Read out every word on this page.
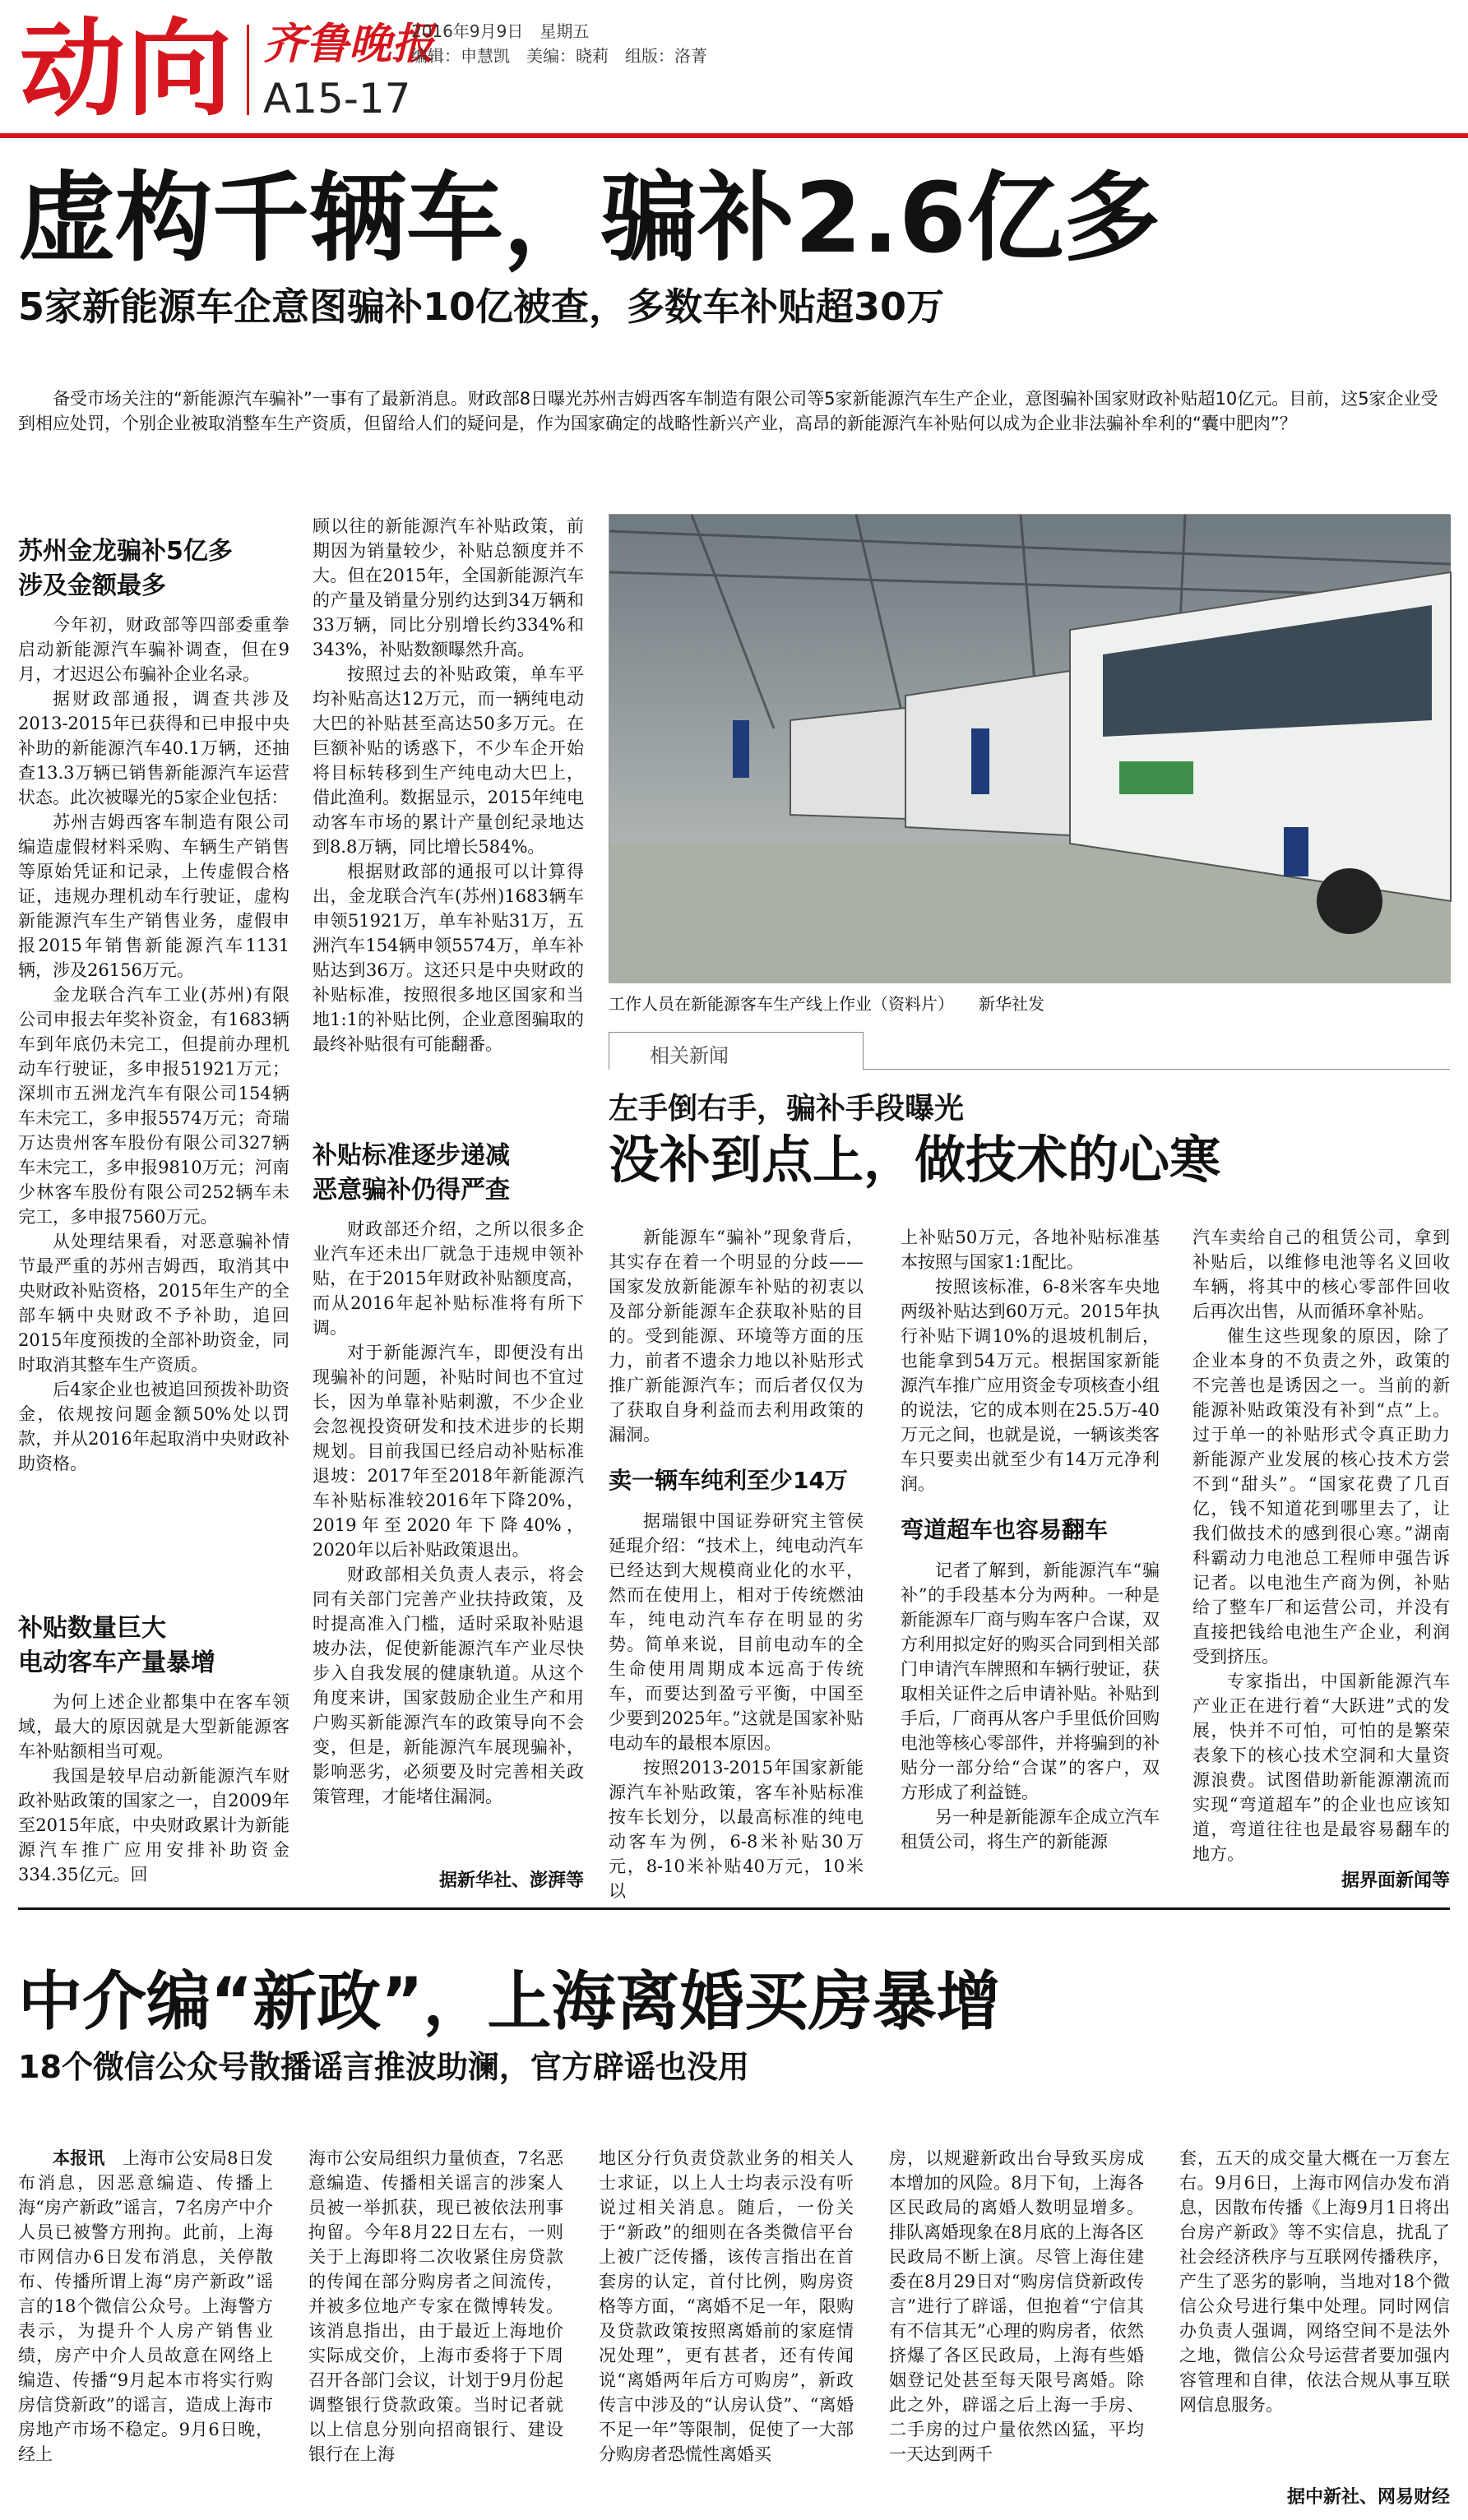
动向 齐鲁晚报
2016年9月9日　星期五
编辑：申慧凯　美编：晓莉　组版：洛菁
A15-17
虚构千辆车，骗补2.6亿多
5家新能源车企意图骗补10亿被查，多数车补贴超30万
备受市场关注的“新能源汽车骗补”一事有了最新消息。财政部8日曝光苏州吉姆西客车制造有限公司等5家新能源汽车生产企业，意图骗补国家财政补贴超10亿元。目前，这5家企业受到相应处罚，个别企业被取消整车生产资质，但留给人们的疑问是，作为国家确定的战略性新兴产业，高昂的新能源汽车补贴何以成为企业非法骗补牟利的“囊中肥肉”？
苏州金龙骗补5亿多
涉及金额最多

今年初，财政部等四部委重拳启动新能源汽车骗补调查，但在9月，才迟迟公布骗补企业名录。

据财政部通报，调查共涉及2013-2015年已获得和已申报中央补助的新能源汽车40.1万辆，还抽查13.3万辆已销售新能源汽车运营状态。此次被曝光的5家企业包括：

苏州吉姆西客车制造有限公司编造虚假材料采购、车辆生产销售等原始凭证和记录，上传虚假合格证，违规办理机动车行驶证，虚构新能源汽车生产销售业务，虚假申报2015年销售新能源汽车1131辆，涉及26156万元。

金龙联合汽车工业(苏州)有限公司申报去年奖补资金，有1683辆车到年底仍未完工，但提前办理机动车行驶证，多申报51921万元；深圳市五洲龙汽车有限公司154辆车未完工，多申报5574万元；奇瑞万达贵州客车股份有限公司327辆车未完工，多申报9810万元；河南少林客车股份有限公司252辆车未完工，多申报7560万元。

从处理结果看，对恶意骗补情节最严重的苏州吉姆西，取消其中央财政补贴资格，2015年生产的全部车辆中央财政不予补助，追回2015年度预拨的全部补助资金，同时取消其整车生产资质。

后4家企业也被追回预拨补助资金，依规按问题金额50%处以罚款，并从2016年起取消中央财政补助资格。

补贴数量巨大
电动客车产量暴增

为何上述企业都集中在客车领域，最大的原因就是大型新能源客车补贴额相当可观。

我国是较早启动新能源汽车财政补贴政策的国家之一，自2009年至2015年底，中央财政累计为新能源汽车推广应用安排补助资金334.35亿元。回

顾以往的新能源汽车补贴政策，前期因为销量较少，补贴总额度并不大。但在2015年，全国新能源汽车的产量及销量分别约达到34万辆和33万辆，同比分别增长约334%和343%，补贴数额曝然升高。

按照过去的补贴政策，单车平均补贴高达12万元，而一辆纯电动大巴的补贴甚至高达50多万元。在巨额补贴的诱惑下，不少车企开始将目标转移到生产纯电动大巴上，借此渔利。数据显示，2015年纯电动客车市场的累计产量创纪录地达到8.8万辆，同比增长584%。

根据财政部的通报可以计算得出，金龙联合汽车(苏州)1683辆车申领51921万，单车补贴31万，五洲汽车154辆申领5574万，单车补贴达到36万。这还只是中央财政的补贴标准，按照很多地区国家和当地1:1的补贴比例，企业意图骗取的最终补贴很有可能翻番。

补贴标准逐步递减
恶意骗补仍得严查

财政部还介绍，之所以很多企业汽车还未出厂就急于违规申领补贴，在于2015年财政补贴额度高，而从2016年起补贴标准将有所下调。

对于新能源汽车，即便没有出现骗补的问题，补贴时间也不宜过长，因为单靠补贴刺激，不少企业会忽视投资研发和技术进步的长期规划。目前我国已经启动补贴标准退坡：2017年至2018年新能源汽车补贴标准较2016年下降20%，2019年至2020年下降40%，2020年以后补贴政策退出。

财政部相关负责人表示，将会同有关部门完善产业扶持政策，及时提高准入门槛，适时采取补贴退坡办法，促使新能源汽车产业尽快步入自我发展的健康轨道。从这个角度来讲，国家鼓励企业生产和用户购买新能源汽车的政策导向不会变，但是，新能源汽车展现骗补，影响恶劣，必须要及时完善相关政策管理，才能堵住漏洞。

据新华社、澎湃等
工作人员在新能源客车生产线上作业（资料片）　　新华社发
相关新闻
左手倒右手，骗补手段曝光
没补到点上，做技术的心寒

新能源车“骗补”现象背后，其实存在着一个明显的分歧——国家发放新能源车补贴的初衷以及部分新能源车企获取补贴的目的。受到能源、环境等方面的压力，前者不遗余力地以补贴形式推广新能源汽车；而后者仅仅为了获取自身利益而去利用政策的漏洞。

卖一辆车纯利至少14万

据瑞银中国证券研究主管侯延琨介绍：“技术上，纯电动汽车已经达到大规模商业化的水平，然而在使用上，相对于传统燃油车，纯电动汽车存在明显的劣势。简单来说，目前电动车的全生命使用周期成本远高于传统车，而要达到盈亏平衡，中国至少要到2025年。”这就是国家补贴电动车的最根本原因。

按照2013-2015年国家新能源汽车补贴政策，客车补贴标准按车长划分，以最高标准的纯电动客车为例，6-8米补贴30万元，8-10米补贴40万元，10米以

上补贴50万元，各地补贴标准基本按照与国家1:1配比。

按照该标准，6-8米客车央地两级补贴达到60万元。2015年执行补贴下调10%的退坡机制后，也能拿到54万元。根据国家新能源汽车推广应用资金专项核查小组的说法，它的成本则在25.5万-40万元之间，也就是说，一辆该类客车只要卖出就至少有14万元净利润。

弯道超车也容易翻车

记者了解到，新能源汽车“骗补”的手段基本分为两种。一种是新能源车厂商与购车客户合谋，双方利用拟定好的购买合同到相关部门申请汽车牌照和车辆行驶证，获取相关证件之后申请补贴。补贴到手后，厂商再从客户手里低价回购电池等核心零部件，并将骗到的补贴分一部分给“合谋”的客户，双方形成了利益链。

另一种是新能源车企成立汽车租赁公司，将生产的新能源

汽车卖给自己的租赁公司，拿到补贴后，以维修电池等名义回收车辆，将其中的核心零部件回收后再次出售，从而循环拿补贴。

催生这些现象的原因，除了企业本身的不负责之外，政策的不完善也是诱因之一。当前的新能源补贴政策没有补到“点”上。过于单一的补贴形式令真正助力新能源产业发展的核心技术方尝不到“甜头”。“国家花费了几百亿，钱不知道花到哪里去了，让我们做技术的感到很心寒。”湖南科霸动力电池总工程师申强告诉记者。以电池生产商为例，补贴给了整车厂和运营公司，并没有直接把钱给电池生产企业，利润受到挤压。

专家指出，中国新能源汽车产业正在进行着“大跃进”式的发展，快并不可怕，可怕的是繁荣表象下的核心技术空洞和大量资源浪费。试图借助新能源潮流而实现“弯道超车”的企业也应该知道，弯道往往也是最容易翻车的地方。

据界面新闻等
中介编“新政”，上海离婚买房暴增
18个微信公众号散播谣言推波助澜，官方辟谣也没用

本报讯　 上海市公安局8日发布消息，因恶意编造、传播上海“房产新政”谣言，7名房产中介人员已被警方刑拘。此前，上海市网信办6日发布消息，关停散布、传播所谓上海“房产新政”谣言的18个微信公众号。上海警方表示，为提升个人房产销售业绩，房产中介人员故意在网络上编造、传播“9月起本市将实行购房信贷新政”的谣言，造成上海市房地产市场不稳定。9月6日晚，经上

海市公安局组织力量侦查，7名恶意编造、传播相关谣言的涉案人员被一举抓获，现已被依法刑事拘留。今年8月22日左右，一则关于上海即将二次收紧住房贷款的传闻在部分购房者之间流传，并被多位地产专家在微博转发。该消息指出，由于最近上海地价实际成交价，上海市委将于下周召开各部门会议，计划于9月份起调整银行贷款政策。当时记者就以上信息分别向招商银行、建设银行在上海

地区分行负责贷款业务的相关人士求证，以上人士均表示没有听说过相关消息。随后，一份关于“新政”的细则在各类微信平台上被广泛传播，该传言指出在首套房的认定，首付比例，购房资格等方面，“离婚不足一年，限购及贷款政策按照离婚前的家庭情况处理”，更有甚者，还有传闻说“离婚两年后方可购房”，新政传言中涉及的“认房认贷”、“离婚不足一年”等限制，促使了一大部分购房者恐慌性离婚买

房，以规避新政出台导致买房成本增加的风险。8月下旬，上海各区民政局的离婚人数明显增多。排队离婚现象在8月底的上海各区民政局不断上演。尽管上海住建委在8月29日对“购房信贷新政传言”进行了辟谣，但抱着“宁信其有不信其无”心理的购房者，依然挤爆了各区民政局，上海有些婚姻登记处甚至每天限号离婚。除此之外，辟谣之后上海一手房、二手房的过户量依然凶猛，平均一天达到两千

套，五天的成交量大概在一万套左右。9月6日，上海市网信办发布消息，因散布传播《上海9月1日将出台房产新政》等不实信息，扰乱了社会经济秩序与互联网传播秩序，产生了恶劣的影响，当地对18个微信公众号进行集中处理。同时网信办负责人强调，网络空间不是法外之地，微信公众号运营者要加强内容管理和自律，依法合规从事互联网信息服务。

据中新社、网易财经
